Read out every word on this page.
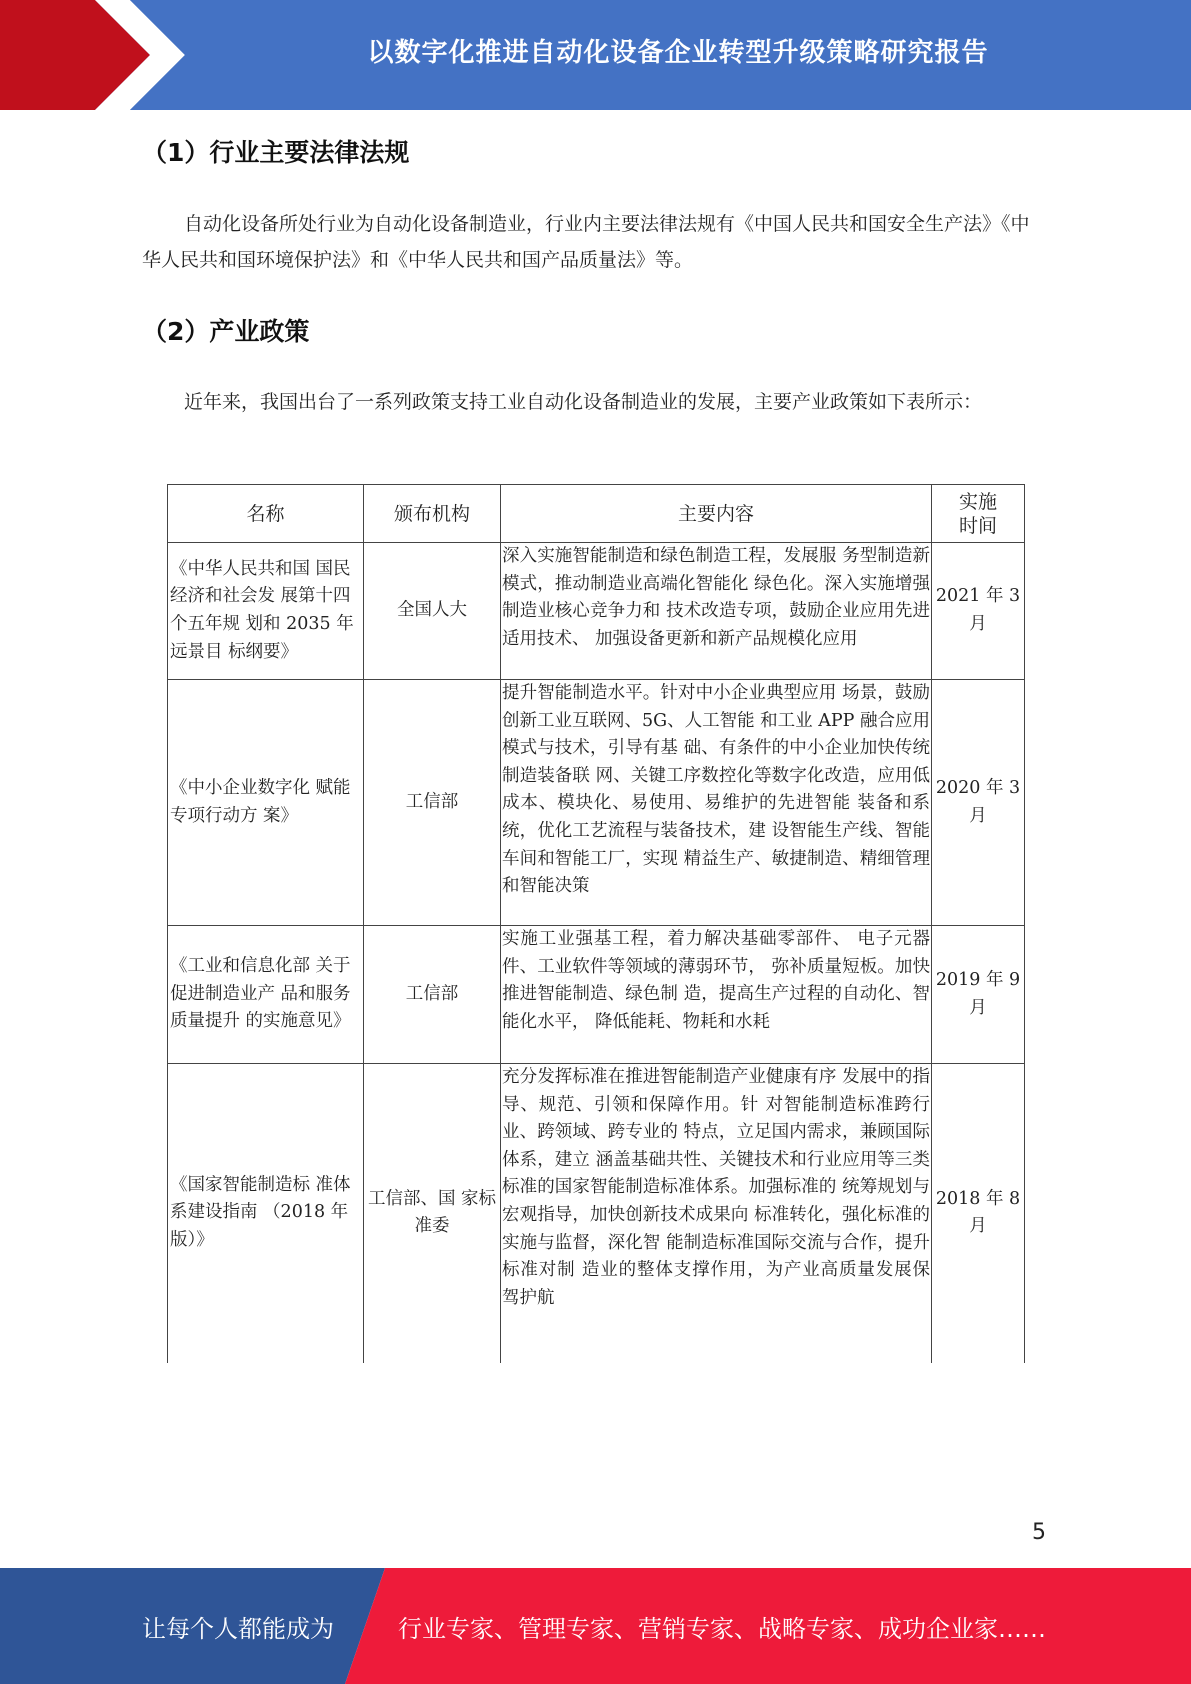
以数字化推进自动化设备企业转型升级策略研究报告
（1）行业主要法律法规
自动化设备所处行业为自动化设备制造业，行业内主要法律法规有《中国人民共和国安全生产法》《中华人民共和国环境保护法》和《中华人民共和国产品质量法》等。
（2）产业政策
近年来，我国出台了一系列政策支持工业自动化设备制造业的发展，主要产业政策如下表所示：
名称	颁布机构	主要内容	实施时间
《中华人民共和国 国民经济和社会发 展第十四个五年规 划和 2035 年远景目 标纲要》	全国人大	深入实施智能制造和绿色制造工程，发展服 务型制造新模式，推动制造业高端化智能化 绿色化。深入实施增强制造业核心竞争力和 技术改造专项，鼓励企业应用先进适用技术、 加强设备更新和新产品规模化应用	2021 年 3月
《中小企业数字化 赋能专项行动方 案》	工信部	提升智能制造水平。针对中小企业典型应用 场景，鼓励创新工业互联网、5G、人工智能 和工业 APP 融合应用模式与技术，引导有基 础、有条件的中小企业加快传统制造装备联 网、关键工序数控化等数字化改造，应用低 成本、模块化、易使用、易维护的先进智能 装备和系统，优化工艺流程与装备技术，建 设智能生产线、智能车间和智能工厂，实现 精益生产、敏捷制造、精细管理和智能决策	2020 年 3月
《工业和信息化部 关于促进制造业产 品和服务质量提升 的实施意见》	工信部	实施工业强基工程，着力解决基础零部件、 电子元器件、工业软件等领域的薄弱环节， 弥补质量短板。加快推进智能制造、绿色制 造，提高生产过程的自动化、智能化水平， 降低能耗、物耗和水耗	2019 年 9月
《国家智能制造标 准体系建设指南 （2018 年版）》	工信部、国 家标准委	充分发挥标准在推进智能制造产业健康有序 发展中的指导、规范、引领和保障作用。针 对智能制造标准跨行业、跨领域、跨专业的 特点，立足国内需求，兼顾国际体系，建立 涵盖基础共性、关键技术和行业应用等三类 标准的国家智能制造标准体系。加强标准的 统筹规划与宏观指导，加快创新技术成果向 标准转化，强化标准的实施与监督，深化智 能制造标准国际交流与合作，提升标准对制 造业的整体支撑作用，为产业高质量发展保 驾护航	2018 年 8月
5
让每个人都能成为	行业专家、管理专家、营销专家、战略专家、成功企业家……
